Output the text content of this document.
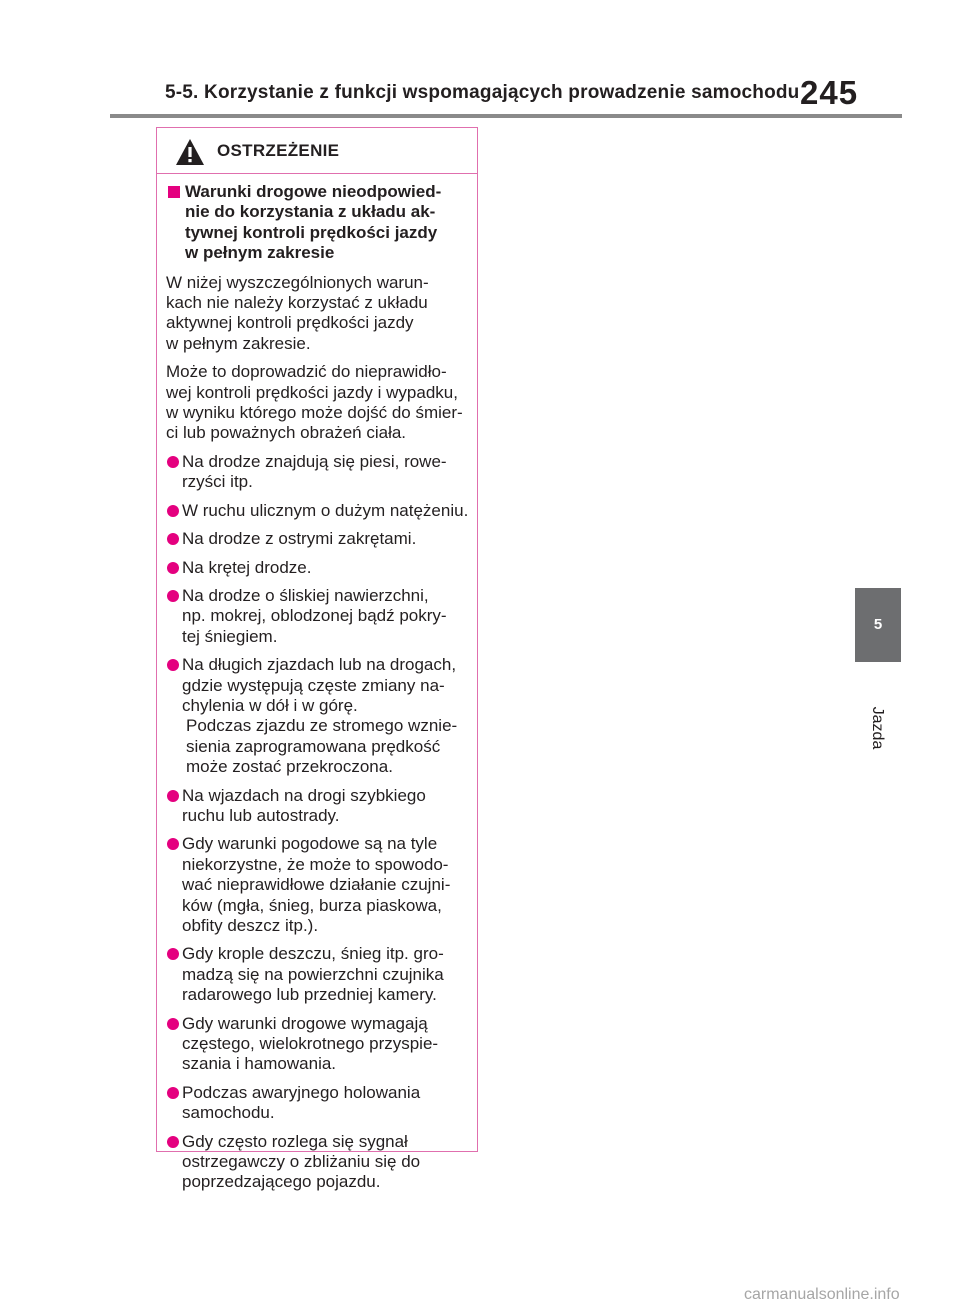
5-5. Korzystanie z funkcji wspomagających prowadzenie samochodu 245
OSTRZEŻENIE
Warunki drogowe nieodpowied-
nie do korzystania z układu ak-
tywnej kontroli prędkości jazdy
w pełnym zakresie

W niżej wyszczególnionych warun-
kach nie należy korzystać z układu
aktywnej kontroli prędkości jazdy
w pełnym zakresie.

Może to doprowadzić do nieprawidło-
wej kontroli prędkości jazdy i wypadku,
w wyniku którego może dojść do śmier-
ci lub poważnych obrażeń ciała.

Na drodze znajdują się piesi, rowe-
rzyści itp.
W ruchu ulicznym o dużym natężeniu.
Na drodze z ostrymi zakrętami.
Na krętej drodze.
Na drodze o śliskiej nawierzchni,
np. mokrej, oblodzonej bądź pokry-
tej śniegiem.
Na długich zjazdach lub na drogach,
gdzie występują częste zmiany na-
chylenia w dół i w górę.
Podczas zjazdu ze stromego wznie-
sienia zaprogramowana prędkość
może zostać przekroczona.
Na wjazdach na drogi szybkiego
ruchu lub autostrady.
Gdy warunki pogodowe są na tyle
niekorzystne, że może to spowodo-
wać nieprawidłowe działanie czujni-
ków (mgła, śnieg, burza piaskowa,
obfity deszcz itp.).
Gdy krople deszczu, śnieg itp. gro-
madzą się na powierzchni czujnika
radarowego lub przedniej kamery.
Gdy warunki drogowe wymagają
częstego, wielokrotnego przyspie-
szania i hamowania.
Podczas awaryjnego holowania
samochodu.
Gdy często rozlega się sygnał
ostrzegawczy o zbliżaniu się do
poprzedzającego pojazdu.
5
Jazda
carmanualsonline.info
